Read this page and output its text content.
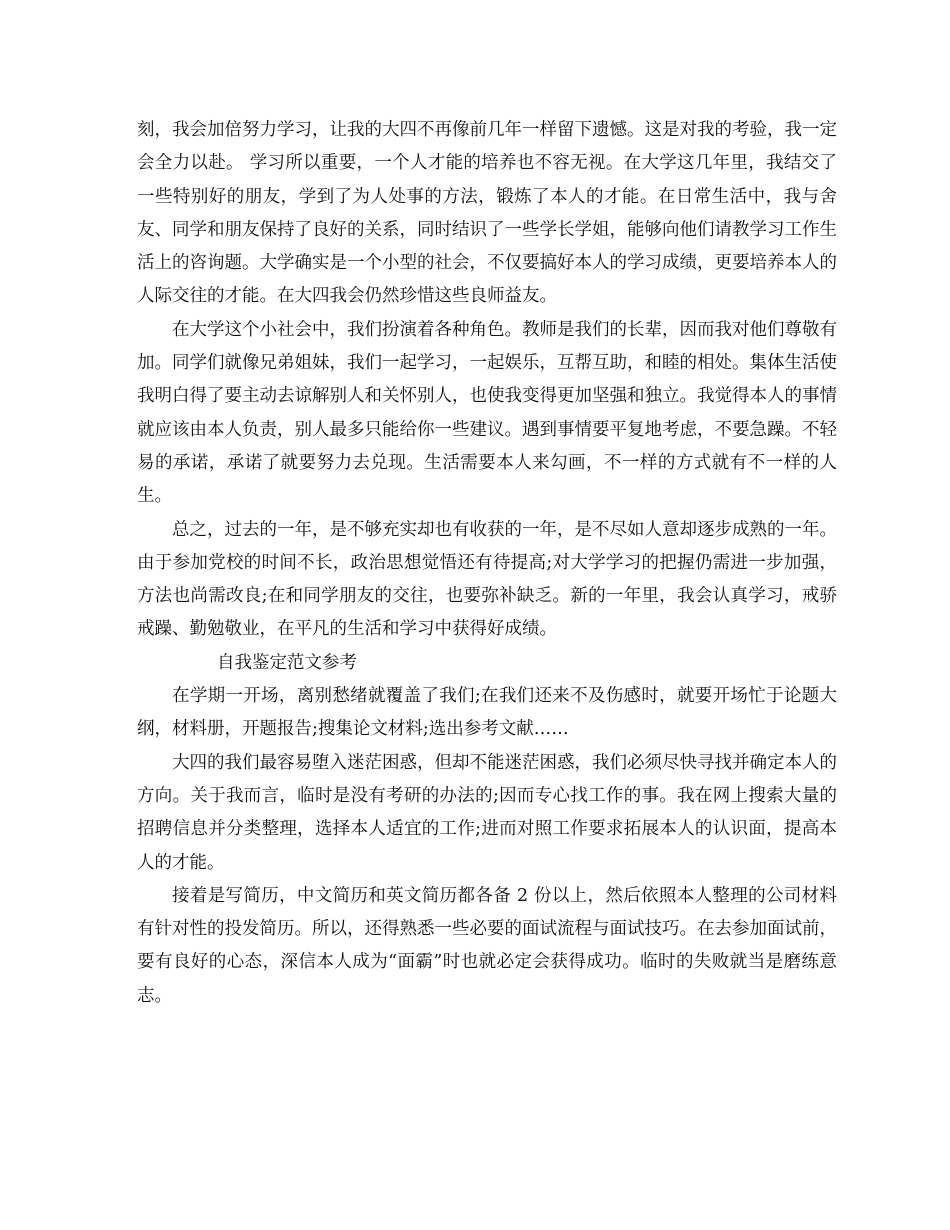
刻，我会加倍努力学习，让我的大四不再像前几年一样留下遗憾。这是对我的考验，我一定会全力以赴。 学习所以重要，一个人才能的培养也不容无视。在大学这几年里，我结交了一些特别好的朋友，学到了为人处事的方法，锻炼了本人的才能。在日常生活中，我与舍友、同学和朋友保持了良好的关系，同时结识了一些学长学姐，能够向他们请教学习工作生活上的咨询题。大学确实是一个小型的社会，不仅要搞好本人的学习成绩，更要培养本人的人际交往的才能。在大四我会仍然珍惜这些良师益友。

在大学这个小社会中，我们扮演着各种角色。教师是我们的长辈，因而我对他们尊敬有加。同学们就像兄弟姐妹，我们一起学习，一起娱乐，互帮互助，和睦的相处。集体生活使我明白得了要主动去谅解别人和关怀别人，也使我变得更加坚强和独立。我觉得本人的事情就应该由本人负责，别人最多只能给你一些建议。遇到事情要平复地考虑，不要急躁。不轻易的承诺，承诺了就要努力去兑现。生活需要本人来勾画，不一样的方式就有不一样的人生。

总之，过去的一年，是不够充实却也有收获的一年，是不尽如人意却逐步成熟的一年。由于参加党校的时间不长，政治思想觉悟还有待提高;对大学学习的把握仍需进一步加强，方法也尚需改良;在和同学朋友的交往，也要弥补缺乏。新的一年里，我会认真学习，戒骄戒躁、勤勉敬业，在平凡的生活和学习中获得好成绩。

自我鉴定范文参考

在学期一开场，离别愁绪就覆盖了我们;在我们还来不及伤感时，就要开场忙于论题大纲，材料册，开题报告;搜集论文材料;选出参考文献……

大四的我们最容易堕入迷茫困惑，但却不能迷茫困惑，我们必须尽快寻找并确定本人的方向。关于我而言，临时是没有考研的办法的;因而专心找工作的事。我在网上搜索大量的招聘信息并分类整理，选择本人适宜的工作;进而对照工作要求拓展本人的认识面，提高本人的才能。

接着是写简历，中文简历和英文简历都各备 2 份以上，然后依照本人整理的公司材料有针对性的投发简历。所以，还得熟悉一些必要的面试流程与面试技巧。在去参加面试前，要有良好的心态，深信本人成为“面霸”时也就必定会获得成功。临时的失败就当是磨练意志。
